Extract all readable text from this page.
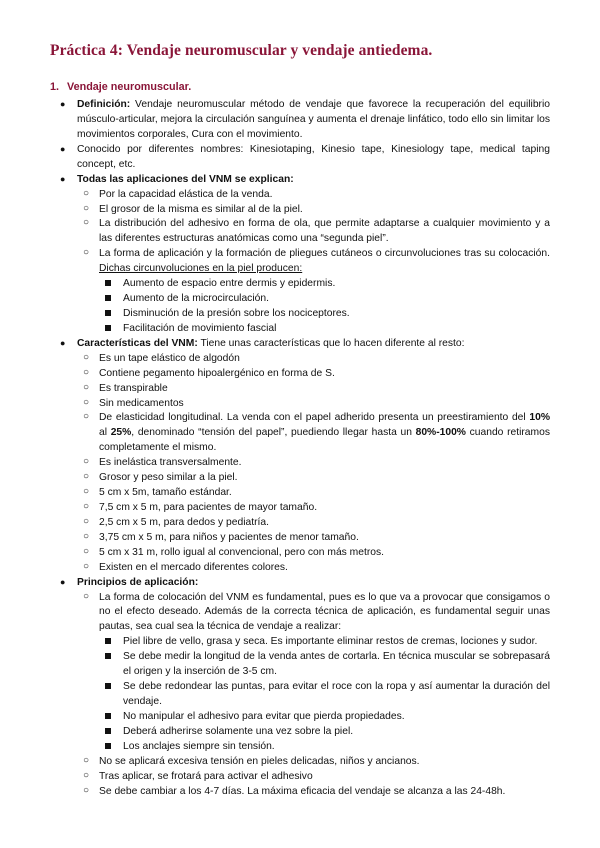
Práctica 4: Vendaje neuromuscular y vendaje antiedema.
1. Vendaje neuromuscular.
● Definición: Vendaje neuromuscular método de vendaje que favorece la recuperación del equilibrio músculo-articular, mejora la circulación sanguínea y aumenta el drenaje linfático, todo ello sin limitar los movimientos corporales, Cura con el movimiento.
● Conocido por diferentes nombres: Kinesiotaping, Kinesio tape, Kinesiology tape, medical taping concept, etc.
● Todas las aplicaciones del VNM se explican:
○ Por la capacidad elástica de la venda.
○ El grosor de la misma es similar al de la piel.
○ La distribución del adhesivo en forma de ola, que permite adaptarse a cualquier movimiento y a las diferentes estructuras anatómicas como una “segunda piel”.
○ La forma de aplicación y la formación de pliegues cutáneos o circunvoluciones tras su colocación. Dichas circunvoluciones en la piel producen:
Aumento de espacio entre dermis y epidermis.
Aumento de la microcirculación.
Disminución de la presión sobre los nociceptores.
Facilitación de movimiento fascial
● Características del VNM: Tiene unas características que lo hacen diferente al resto:
○ Es un tape elástico de algodón
○ Contiene pegamento hipoalergénico en forma de S.
○ Es transpirable
○ Sin medicamentos
○ De elasticidad longitudinal. La venda con el papel adherido presenta un preestiramiento del 10% al 25%, denominado “tensión del papel”, puediendo llegar hasta un 80%-100% cuando retiramos completamente el mismo.
○ Es inelástica transversalmente.
○ Grosor y peso similar a la piel.
○ 5 cm x 5m, tamaño estándar.
○ 7,5 cm x 5 m, para pacientes de mayor tamaño.
○ 2,5 cm x 5 m, para dedos y pediatría.
○ 3,75 cm x 5 m, para niños y pacientes de menor tamaño.
○ 5 cm x 31 m, rollo igual al convencional, pero con más metros.
○ Existen en el mercado diferentes colores.
● Principios de aplicación:
○ La forma de colocación del VNM es fundamental, pues es lo que va a provocar que consigamos o no el efecto deseado. Además de la correcta técnica de aplicación, es fundamental seguir unas pautas, sea cual sea la técnica de vendaje a realizar:
Piel libre de vello, grasa y seca. Es importante eliminar restos de cremas, lociones y sudor.
Se debe medir la longitud de la venda antes de cortarla. En técnica muscular se sobrepasará el origen y la inserción de 3-5 cm.
Se debe redondear las puntas, para evitar el roce con la ropa y así aumentar la duración del vendaje.
No manipular el adhesivo para evitar que pierda propiedades.
Deberá adherirse solamente una vez sobre la piel.
Los anclajes siempre sin tensión.
○ No se aplicará excesiva tensión en pieles delicadas, niños y ancianos.
○ Tras aplicar, se frotará para activar el adhesivo
○ Se debe cambiar a los 4-7 días. La máxima eficacia del vendaje se alcanza a las 24-48h.
